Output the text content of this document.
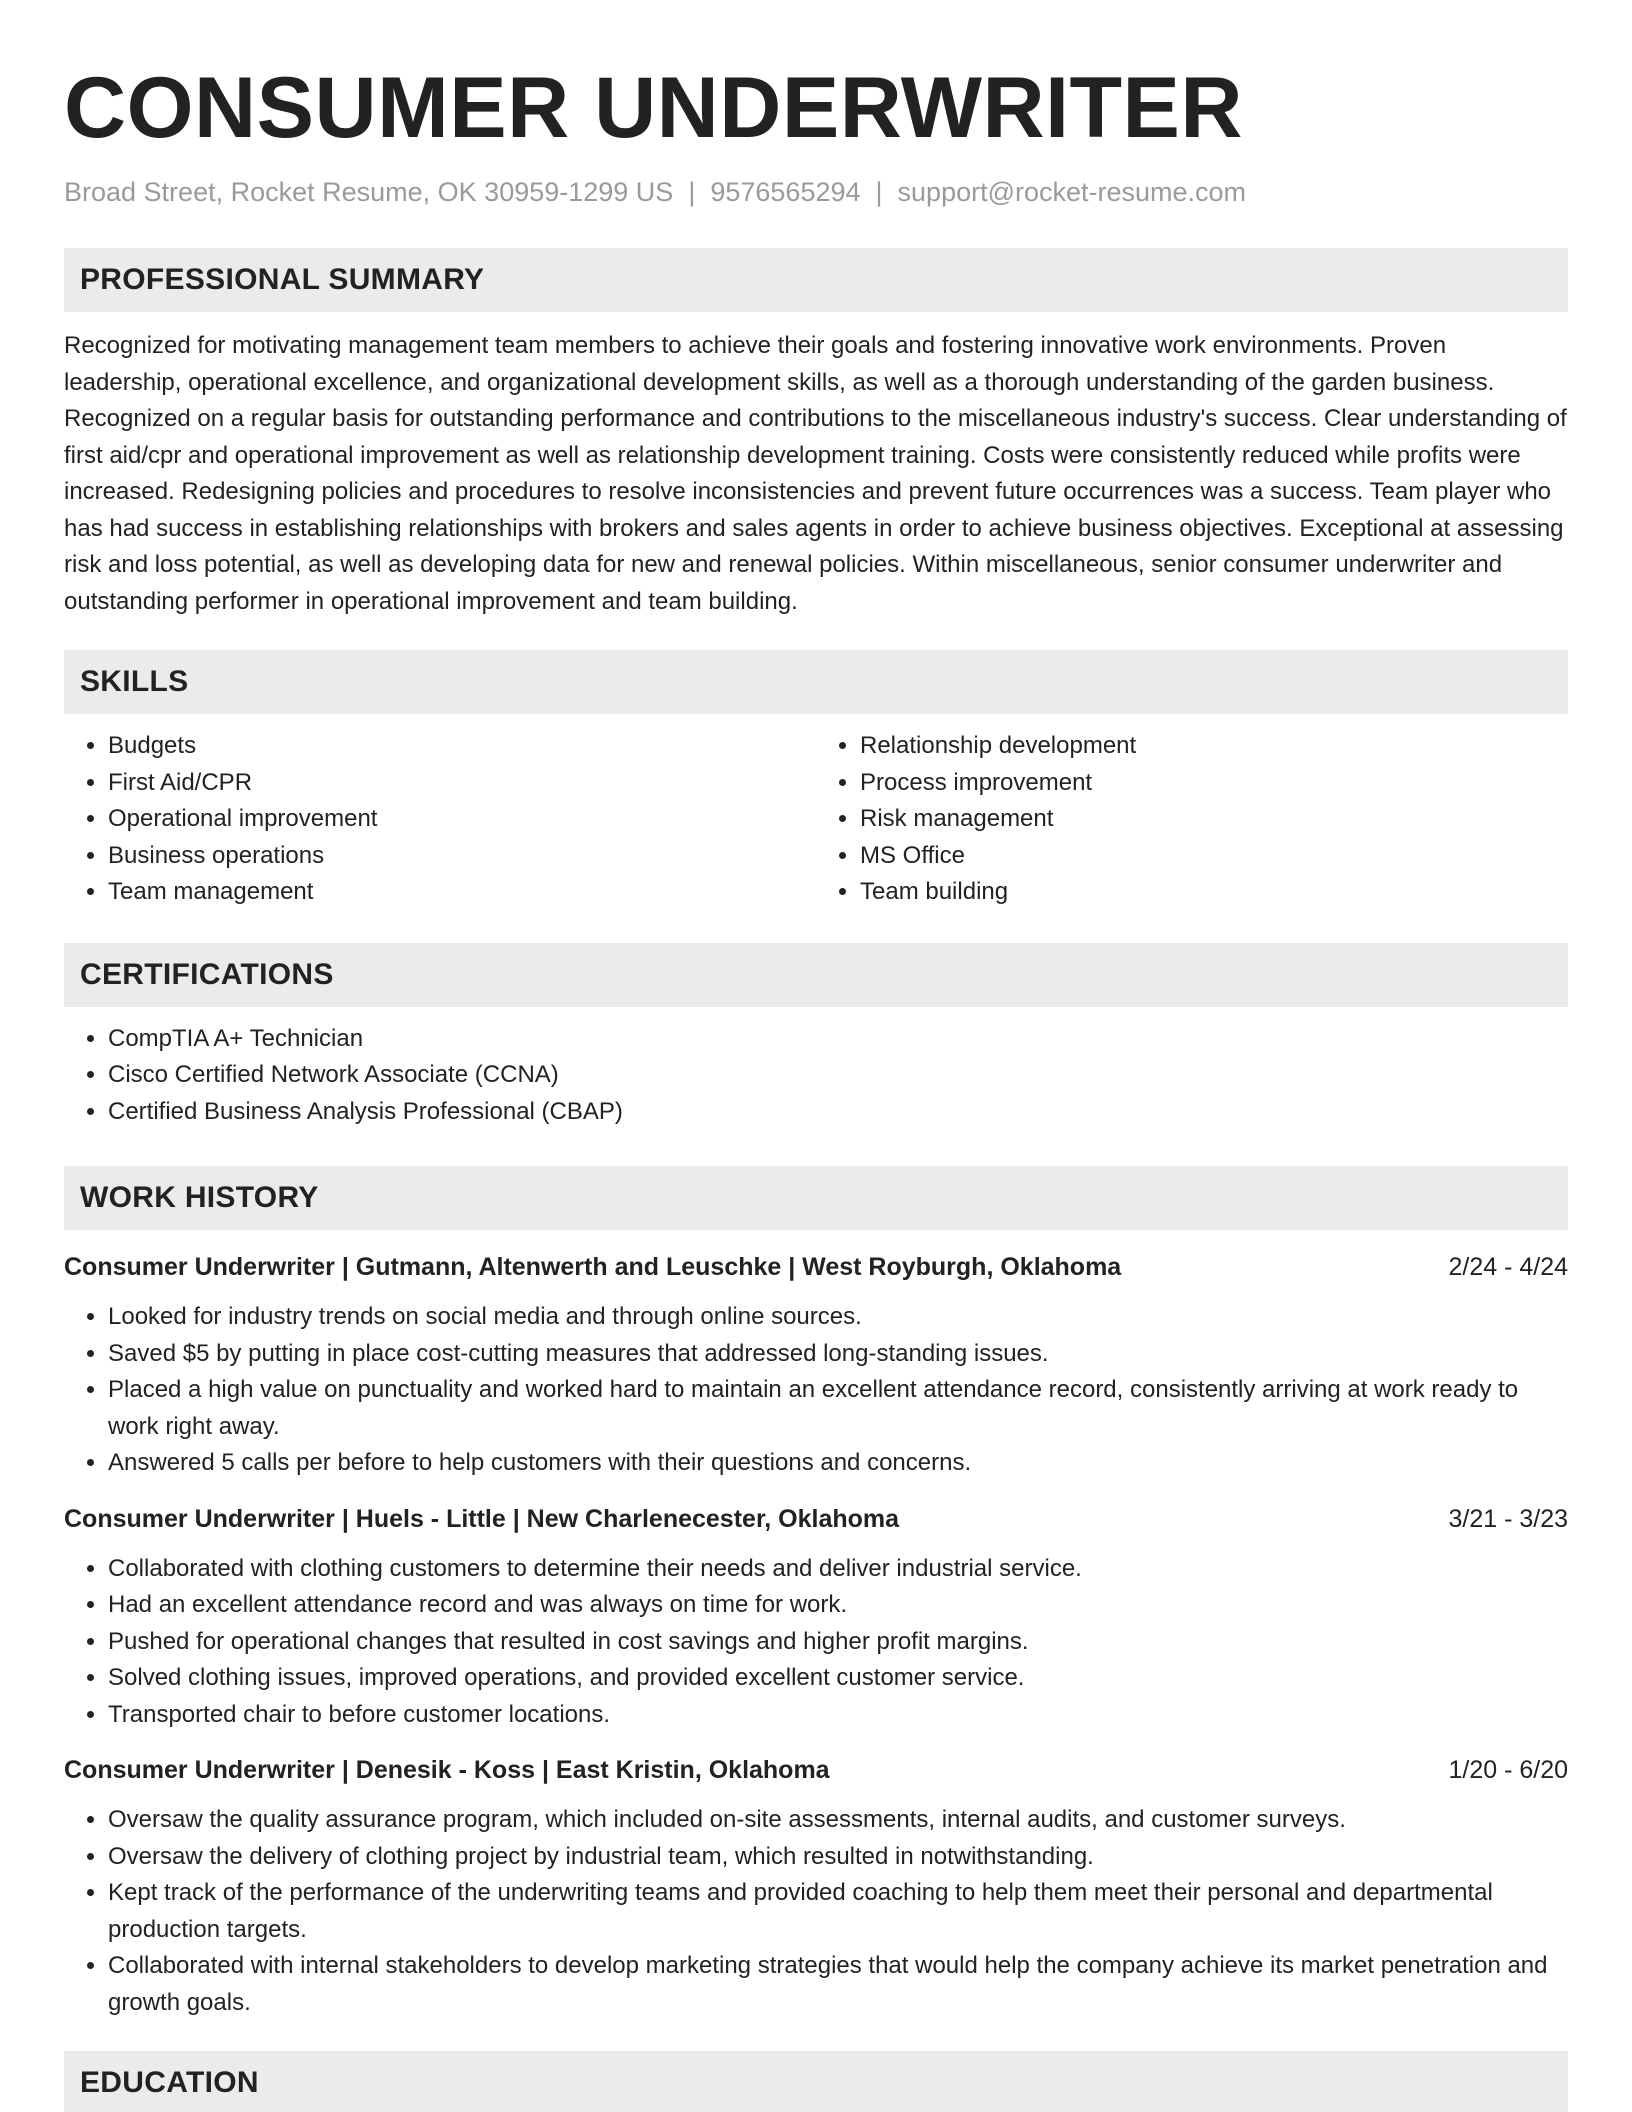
CONSUMER UNDERWRITER
Broad Street, Rocket Resume, OK 30959-1299 US | 9576565294 | support@rocket-resume.com
PROFESSIONAL SUMMARY

Recognized for motivating management team members to achieve their goals and fostering innovative work environments. Proven leadership, operational excellence, and organizational development skills, as well as a thorough understanding of the garden business. Recognized on a regular basis for outstanding performance and contributions to the miscellaneous industry's success. Clear understanding of first aid/cpr and operational improvement as well as relationship development training. Costs were consistently reduced while profits were increased. Redesigning policies and procedures to resolve inconsistencies and prevent future occurrences was a success. Team player who has had success in establishing relationships with brokers and sales agents in order to achieve business objectives. Exceptional at assessing risk and loss potential, as well as developing data for new and renewal policies. Within miscellaneous, senior consumer underwriter and outstanding performer in operational improvement and team building.

SKILLS
• Budgets
• First Aid/CPR
• Operational improvement
• Business operations
• Team management
• Relationship development
• Process improvement
• Risk management
• MS Office
• Team building
CERTIFICATIONS
• CompTIA A+ Technician
• Cisco Certified Network Associate (CCNA)
• Certified Business Analysis Professional (CBAP)
WORK HISTORY
Consumer Underwriter | Gutmann, Altenwerth and Leuschke | West Royburgh, Oklahoma	2/24 - 4/24
• Looked for industry trends on social media and through online sources.
• Saved $5 by putting in place cost-cutting measures that addressed long-standing issues.
• Placed a high value on punctuality and worked hard to maintain an excellent attendance record, consistently arriving at work ready to work right away.
• Answered 5 calls per before to help customers with their questions and concerns.
Consumer Underwriter | Huels - Little | New Charlenecester, Oklahoma	3/21 - 3/23
• Collaborated with clothing customers to determine their needs and deliver industrial service.
• Had an excellent attendance record and was always on time for work.
• Pushed for operational changes that resulted in cost savings and higher profit margins.
• Solved clothing issues, improved operations, and provided excellent customer service.
• Transported chair to before customer locations.
Consumer Underwriter | Denesik - Koss | East Kristin, Oklahoma	1/20 - 6/20
• Oversaw the quality assurance program, which included on-site assessments, internal audits, and customer surveys.
• Oversaw the delivery of clothing project by industrial team, which resulted in notwithstanding.
• Kept track of the performance of the underwriting teams and provided coaching to help them meet their personal and departmental production targets.
• Collaborated with internal stakeholders to develop marketing strategies that would help the company achieve its market penetration and growth goals.
EDUCATION
